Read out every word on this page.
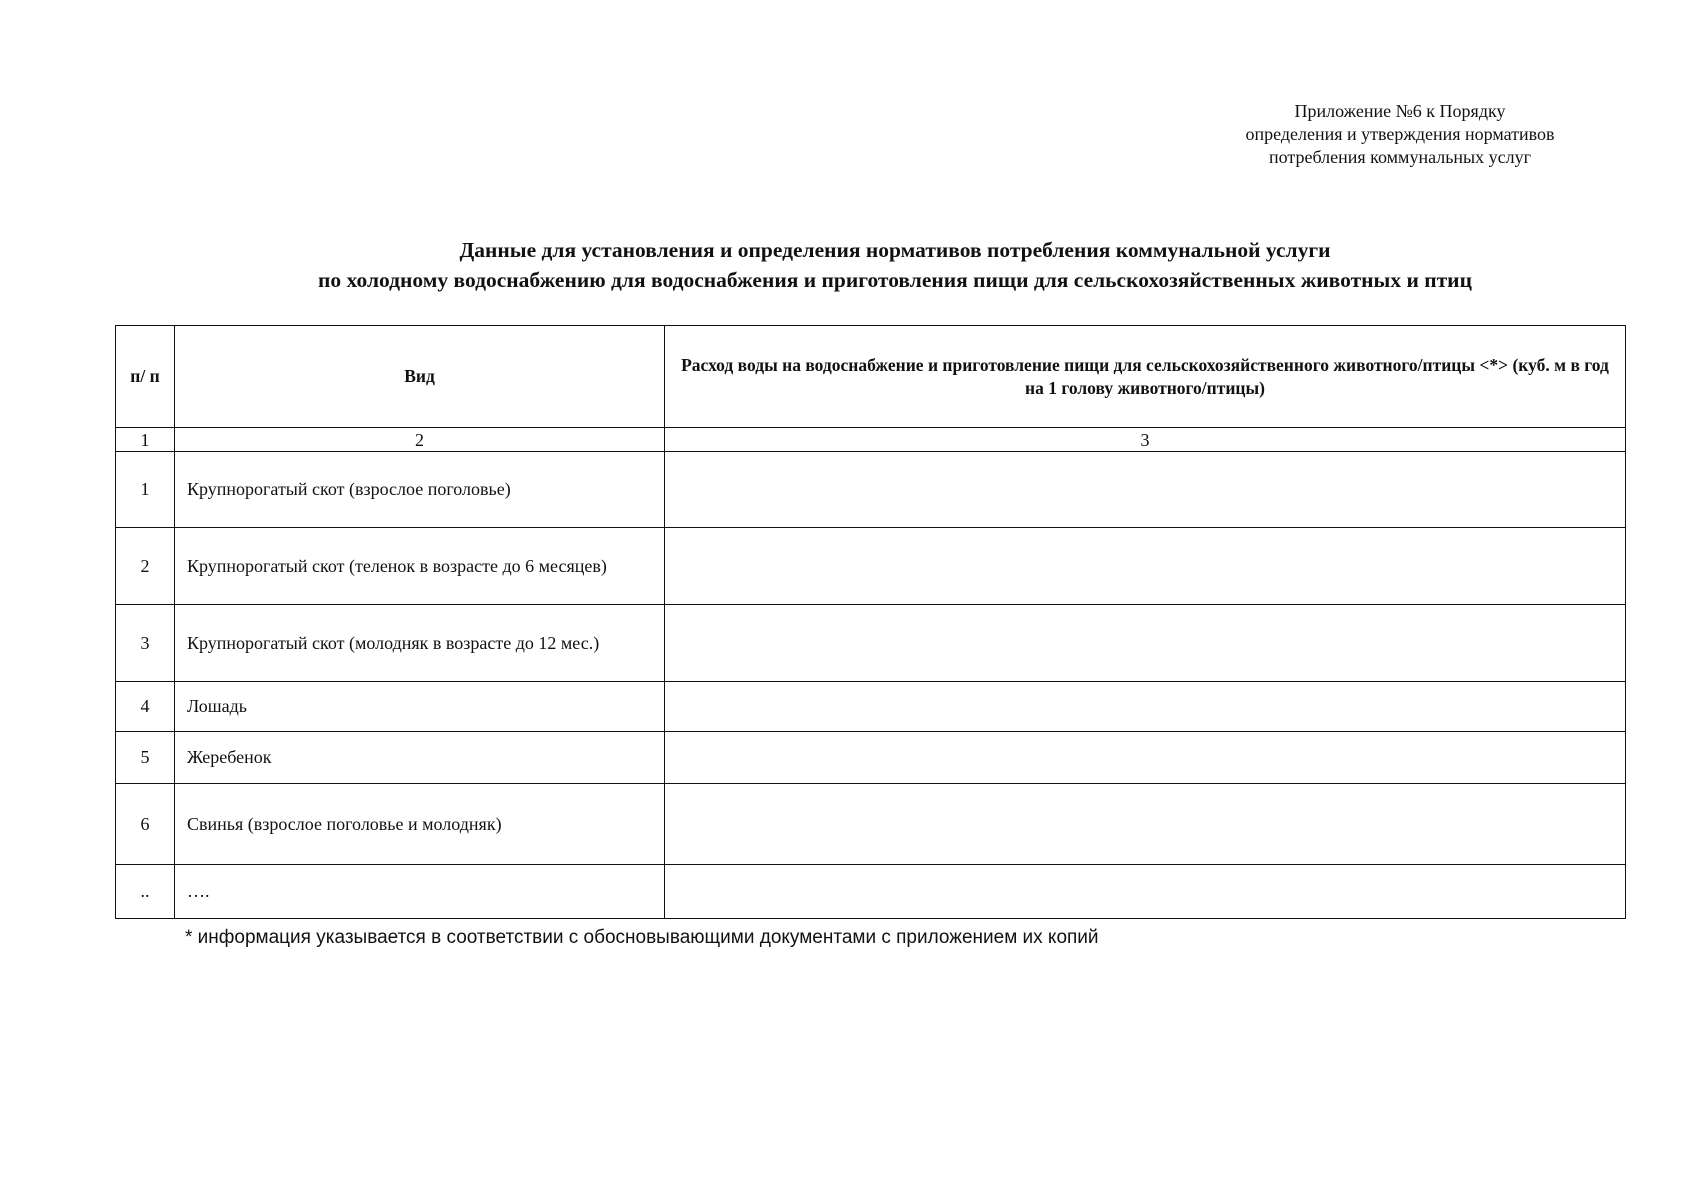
Приложение №6 к Порядку
определения и утверждения нормативов
потребления коммунальных услуг
Данные для установления и определения нормативов потребления коммунальной услуги
по холодному водоснабжению для водоснабжения и приготовления пищи для сельскохозяйственных животных и птиц
п/ п	Вид	Расход воды на водоснабжение и приготовление пищи для сельскохозяйственного животного/птицы <*> (куб. м в год на 1 голову животного/птицы)
1	2	3
1	Крупнорогатый скот (взрослое поголовье)	
2	Крупнорогатый скот (теленок в возрасте до 6 месяцев)	
3	Крупнорогатый скот (молодняк в возрасте до 12 мес.)	
4	Лошадь	
5	Жеребенок	
6	Свинья (взрослое поголовье и молодняк)	
..	….	
* информация указывается в соответствии с обосновывающими документами с приложением их копий
